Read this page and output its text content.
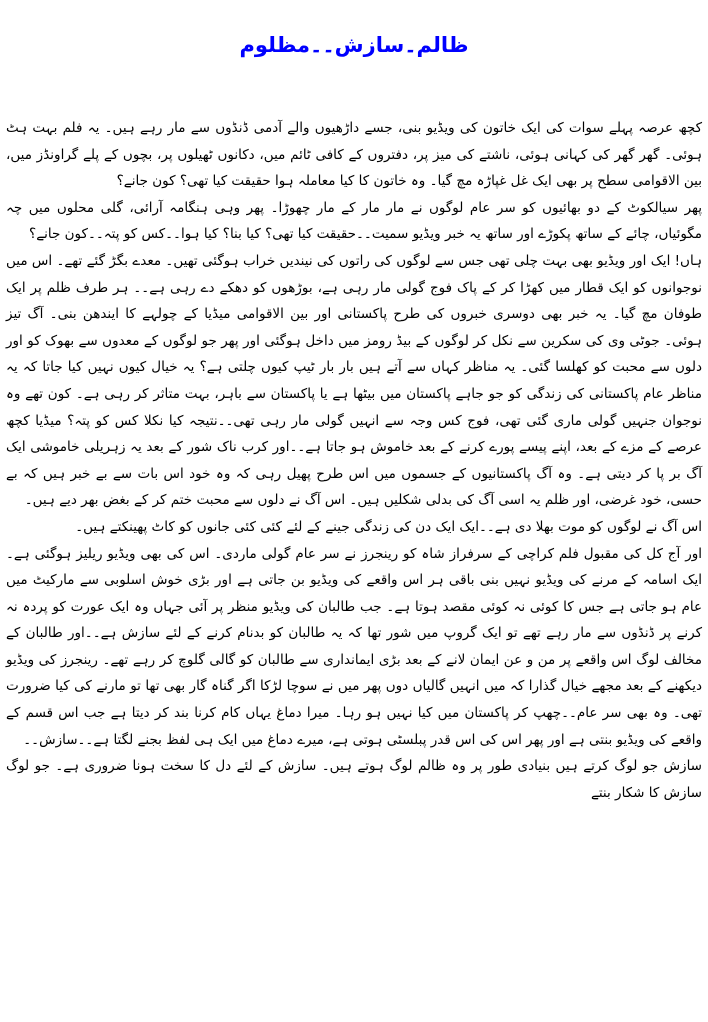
ظالم۔سازش۔۔مظلوم

کچھ عرصہ پہلے سوات کی ایک خاتون کی ویڈیو بنی، جسے داڑھیوں والے آدمی ڈنڈوں سے مار رہے ہیں۔ یہ فلم بہت ہٹ ہوئی۔ گھر گھر کی کہانی ہوئی، ناشتے کی میز پر، دفتروں کے کافی ٹائم میں، دکانوں ٹھیلوں پر، بچوں کے پلے گراونڈز میں، بین الاقوامی سطح پر بھی ایک غل غپاڑہ مچ گیا۔ وہ خاتون کا کیا معاملہ ہوا حقیقت کیا تھی؟ کون جانے؟

پھر سیالکوٹ کے دو بھائیوں کو سر عام لوگوں نے مار مار کے مار چھوڑا۔ پھر وہی ہنگامہ آرائی، گلی محلوں میں چہ مگوئیاں، چائے کے ساتھ پکوڑے اور ساتھ یہ خبر ویڈیو سمیت۔۔حقیقت کیا تھی؟ کیا بنا؟ کیا ہوا۔۔کس کو پتہ۔۔کون جانے؟

ہاں! ایک اور ویڈیو بھی بہت چلی تھی جس سے لوگوں کی راتوں کی نیندیں خراب ہوگئی تھیں۔ معدے بگڑ گئے تھے۔ اس میں نوجوانوں کو ایک قطار میں کھڑا کر کے پاک فوج گولی مار رہی ہے، بوڑھوں کو دھکے دے رہی ہے۔۔ ہر طرف ظلم پر ایک طوفان مچ گیا۔ یہ خبر بھی دوسری خبروں کی طرح پاکستانی اور بین الاقوامی میڈیا کے چولہے کا ایندھن بنی۔ آگ تیز ہوئی۔ جوٹی وی کی سکرین سے نکل کر لوگوں کے بیڈ رومز میں داخل ہوگئی اور پھر جو لوگوں کے معدوں سے بھوک کو اور دلوں سے محبت کو کھلسا گئی۔ یہ مناظر کہاں سے آتے ہیں بار بار ٹیپ کیوں چلتی ہے؟ یہ خیال کیوں نہیں کیا جاتا کہ یہ مناظر عام پاکستانی کی زندگی کو جو جاہے پاکستان میں بیٹھا ہے یا پاکستان سے باہر، بہت متاثر کر رہی ہے۔ کون تھے وہ نوجوان جنہیں گولی ماری گئی تھی، فوج کس وجہ سے انہیں گولی مار رہی تھی۔۔نتیجہ کیا نکلا کس کو پتہ؟ میڈیا کچھ عرصے کے مزے کے بعد، اپنے پیسے پورے کرنے کے بعد خاموش ہو جاتا ہے۔۔اور کرب ناک شور کے بعد یہ زہریلی خاموشی ایک آگ بر پا کر دیتی ہے۔ وہ آگ پاکستانیوں کے جسموں میں اس طرح پھیل رہی کہ وہ خود اس بات سے بے خبر ہیں کہ بے حسی، خود غرضی، اور ظلم یہ اسی آگ کی بدلی شکلیں ہیں۔ اس آگ نے دلوں سے محبت ختم کر کے بغض بھر دیے ہیں۔

اس آگ نے لوگوں کو موت بھلا دی ہے۔۔ایک ایک دن کی زندگی جینے کے لئے کئی کئی جانوں کو کاٹ پھینکتے ہیں۔

اور آج کل کی مقبول فلم کراچی کے سرفراز شاہ کو رینجرز نے سر عام گولی ماردی۔ اس کی بھی ویڈیو ریلیز ہوگئی ہے۔ ایک اسامہ کے مرنے کی ویڈیو نہیں بنی باقی ہر اس واقعے کی ویڈیو بن جاتی ہے اور بڑی خوش اسلوبی سے مارکیٹ میں عام ہو جاتی ہے جس کا کوئی نہ کوئی مقصد ہوتا ہے۔ جب طالبان کی ویڈیو منظر پر آئی جہاں وہ ایک عورت کو پردہ نہ کرنے پر ڈنڈوں سے مار رہے تھے تو ایک گروپ میں شور تھا کہ یہ طالبان کو بدنام کرنے کے لئے سازش ہے۔۔اور طالبان کے مخالف لوگ اس واقعے پر من و عن ایمان لانے کے بعد بڑی ایمانداری سے طالبان کو گالی گلوچ کر رہے تھے۔ رینجرز کی ویڈیو دیکھنے کے بعد مجھے خیال گذارا کہ میں انہیں گالیاں دوں پھر میں نے سوچا لڑکا اگر گناہ گار بھی تھا تو مارنے کی کیا ضرورت تھی۔ وہ بھی سر عام۔۔چھپ کر پاکستان میں کیا نہیں ہو رہا۔ میرا دماغ یہاں کام کرنا بند کر دیتا ہے جب اس قسم کے واقعے کی ویڈیو بنتی ہے اور پھر اس کی اس قدر پبلسٹی ہوتی ہے، میرے دماغ میں ایک ہی لفظ بجنے لگتا ہے۔۔سازش۔۔

سازش جو لوگ کرتے ہیں بنیادی طور پر وہ ظالم لوگ ہوتے ہیں۔ سازش کے لئے دل کا سخت ہونا ضروری ہے۔ جو لوگ سازش کا شکار بنتے
